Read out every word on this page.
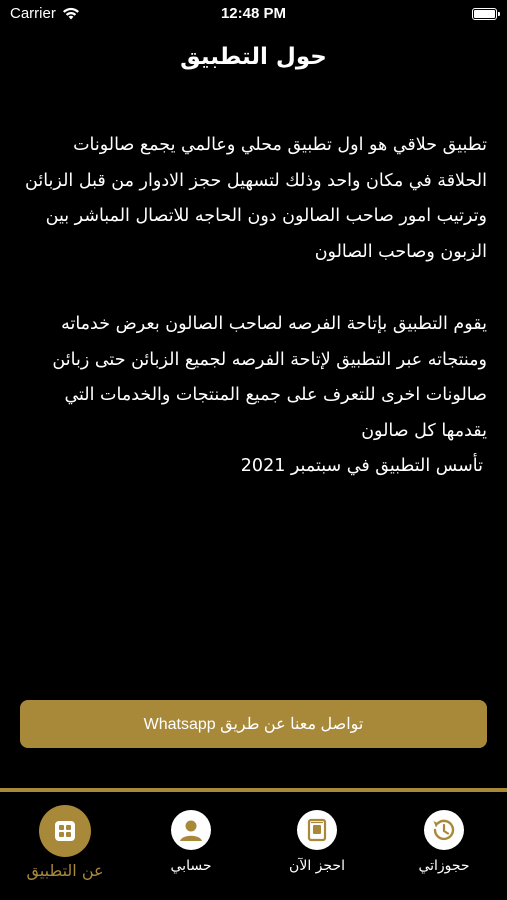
Carrier	12:48 PM
حول التطبيق

تطبيق حلاقي هو اول تطبيق محلي وعالمي يجمع صالونات الحلاقة في مكان واحد وذلك لتسهيل حجز الادوار من قبل الزبائن وترتيب امور صاحب الصالون دون الحاجه للاتصال المباشر بين الزبون وصاحب الصالون

يقوم التطبيق بإتاحة الفرصه لصاحب الصالون بعرض خدماته ومنتجاته عبر التطبيق لإتاحة الفرصه لجميع الزبائن حتى زبائن صالونات اخرى للتعرف على جميع المنتجات والخدمات التي يقدمها كل صالون

تأسس التطبيق في سبتمبر 2021

تواصل معنا عن طريق Whatsapp
عن التطبيق	حسابي	احجز الآن	حجوزاتي
